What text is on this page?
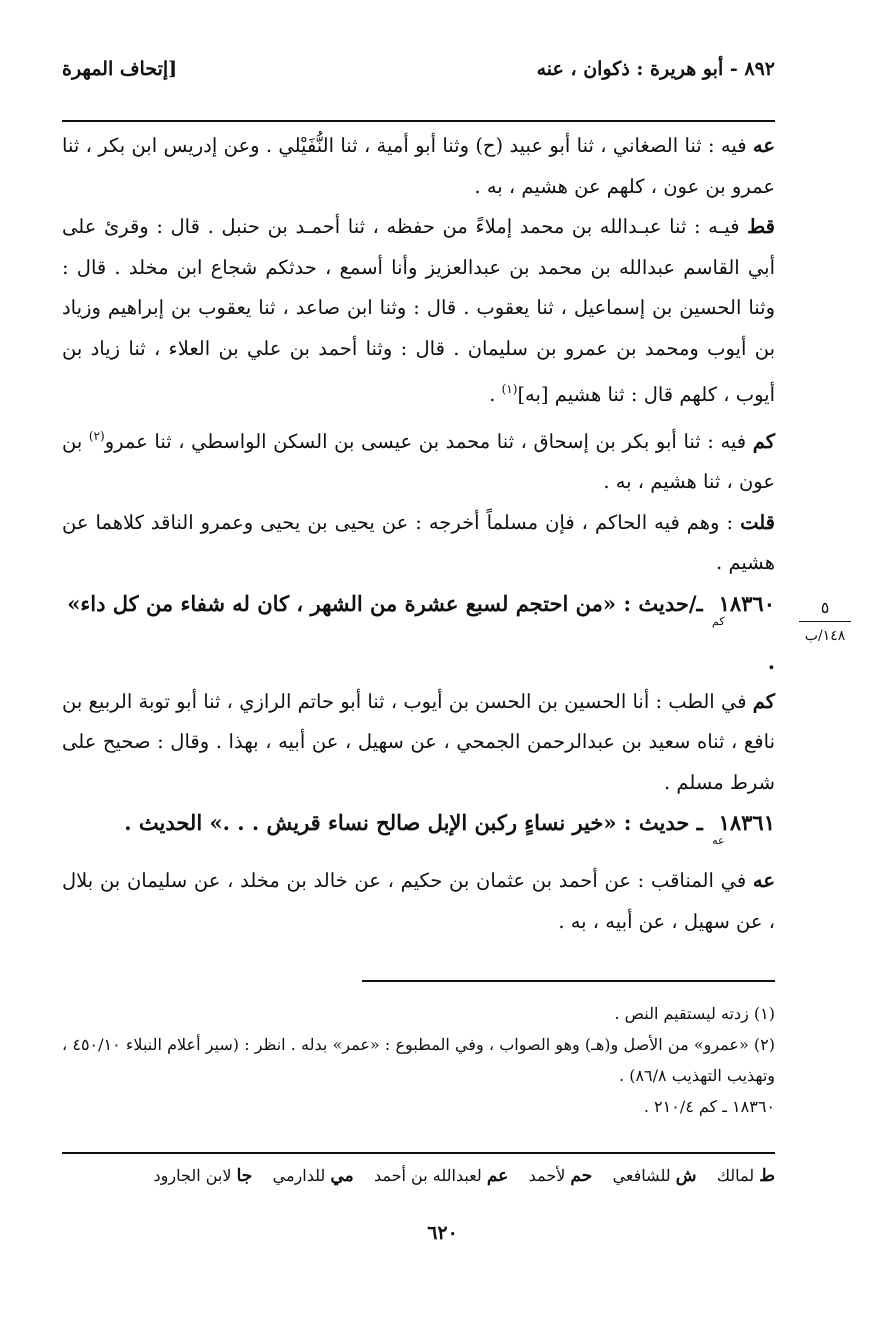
٨٩٢ - أبو هريرة : ذكوان ، عنه
[إتحاف المهرة

عه فيه : ثنا الصغاني ، ثنا أبو عبيد (ح) وثنا أبو أمية ، ثنا النُّفَيْلي . وعن إدريس ابن بكر ، ثنا عمرو بن عون ، كلهم عن هشيم ، به .

قط فيـه : ثنا عبـدالله بن محمد إملاءً من حفظه ، ثنا أحمـد بن حنبل . قال : وقرئ على أبي القاسم عبدالله بن محمد بن عبدالعزيز وأنا أسمع ، حدثكم شجاع ابن مخلد . قال : وثنا الحسين بن إسماعيل ، ثنا يعقوب . قال : وثنا ابن صاعد ، ثنا يعقوب بن إبراهيم وزياد بن أيوب ومحمد بن عمرو بن سليمان . قال : وثنا أحمد بن علي بن العلاء ، ثنا زياد بن أيوب ، كلهم قال : ثنا هشيم [به]$^{(١)}$ .

كم فيه : ثنا أبو بكر بن إسحاق ، ثنا محمد بن عيسى بن السكن الواسطي ، ثنا عمرو$^{(٢)}$ بن عون ، ثنا هشيم ، به .

قلت : وهم فيه الحاكم ، فإن مسلماً أخرجه : عن يحيى بن يحيى وعمرو الناقد كلاهما عن هشيم .

$١٨٣٦٠_{كم}$ ـ/حديث : «من احتجم لسبع عشرة من الشهر ، كان له شفاء من كل داء» .

كم في الطب : أنا الحسين بن الحسن بن أيوب ، ثنا أبو حاتم الرازي ، ثنا أبو توبة الربيع بن نافع ، ثناه سعيد بن عبدالرحمن الجمحي ، عن سهيل ، عن أبيه ، بهذا . وقال : صحيح على شرط مسلم .

$١٨٣٦١_{عه}$ ـ حديث : «خير نساءٍ ركبن الإبل صالح نساء قريش . . .» الحديث .

عه في المناقب : عن أحمد بن عثمان بن حكيم ، عن خالد بن مخلد ، عن سليمان بن بلال ، عن سهيل ، عن أبيه ، به .

٥
١٤٨/ب

(١) زدته ليستقيم النص .

(٢) «عمرو» من الأصل و(هـ) وهو الصواب ، وفي المطبوع : «عمر» بدله . انظر : (سير أعلام النبلاء ٤٥٠/١٠ ، وتهذيب التهذيب ٨٦/٨) .

١٨٣٦٠ ـ كم ٢١٠/٤ .

ط لمالك    ش للشافعي    حم لأحمد    عم لعبدالله بن أحمد    مي للدارمي    جا لابن الجارود
٦٢٠
